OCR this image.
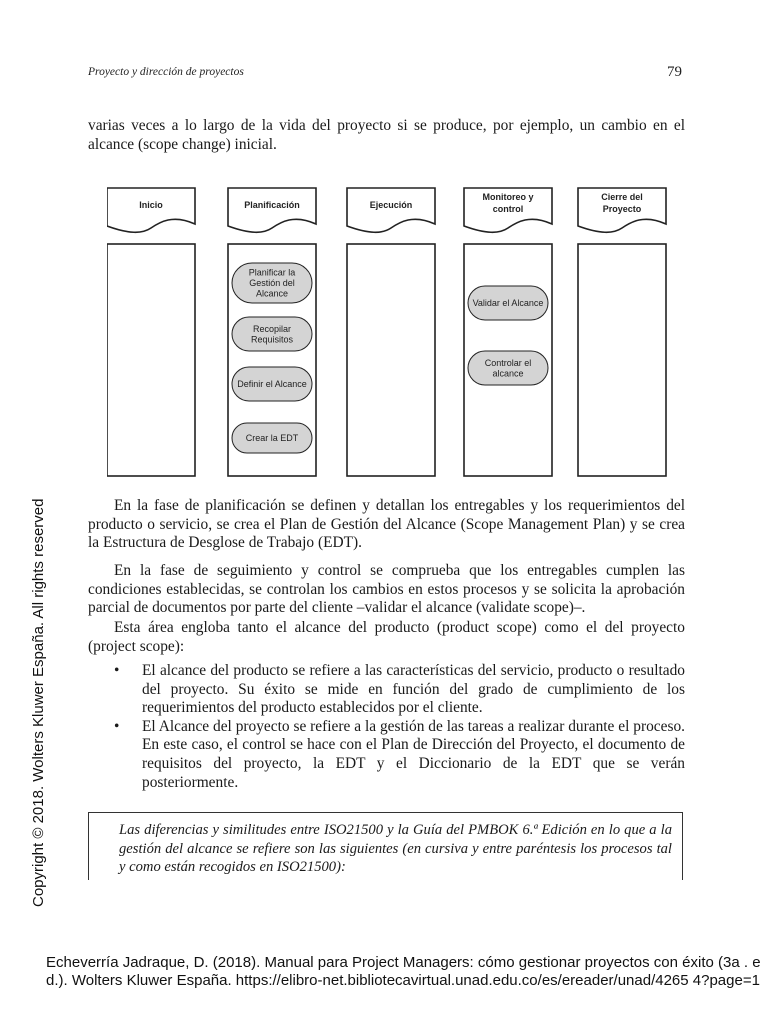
Proyecto y dirección de proyectos	79
varias veces a lo largo de la vida del proyecto si se produce, por ejemplo, un cambio en el alcance (scope change) inicial.
Inicio	Planificación
Planificar la
Gestión del
Alcance
Recopilar
Requisitos
Definir el Alcance
Crear la EDT
Ejecución
Monitoreo y
control
Validar el Alcance
Controlar el
alcance
Cierre del
Proyecto
En la fase de planificación se definen y detallan los entregables y los requerimientos del producto o servicio, se crea el Plan de Gestión del Alcance (Scope Management Plan) y se crea la Estructura de Desglose de Trabajo (EDT).
En la fase de seguimiento y control se comprueba que los entregables cumplen las condiciones establecidas, se controlan los cambios en estos procesos y se solicita la aprobación parcial de documentos por parte del cliente –validar el alcance (validate scope)–.
Esta área engloba tanto el alcance del producto (product scope) como el del proyecto (project scope):
• El alcance del producto se refiere a las características del servicio, producto o resultado del proyecto. Su éxito se mide en función del grado de cumplimiento de los requerimientos del producto establecidos por el cliente.
• El Alcance del proyecto se refiere a la gestión de las tareas a realizar durante el proceso. En este caso, el control se hace con el Plan de Dirección del Proyecto, el documento de requisitos del proyecto, la EDT y el Diccionario de la EDT que se verán posteriormente.

Las diferencias y similitudes entre ISO21500 y la Guía del PMBOK 6.ª Edición en lo que a la gestión del alcance se refiere son las siguientes (en cursiva y entre paréntesis los procesos tal y como están recogidos en ISO21500):

Copyright © 2018. Wolters Kluwer España. All rights reserved
Echeverría Jadraque, D. (2018). Manual para Project Managers: cómo gestionar proyectos con éxito (3a . ed.). Wolters Kluwer España. https://elibro-net.bibliotecavirtual.unad.edu.co/es/ereader/unad/4265 4?page=1
